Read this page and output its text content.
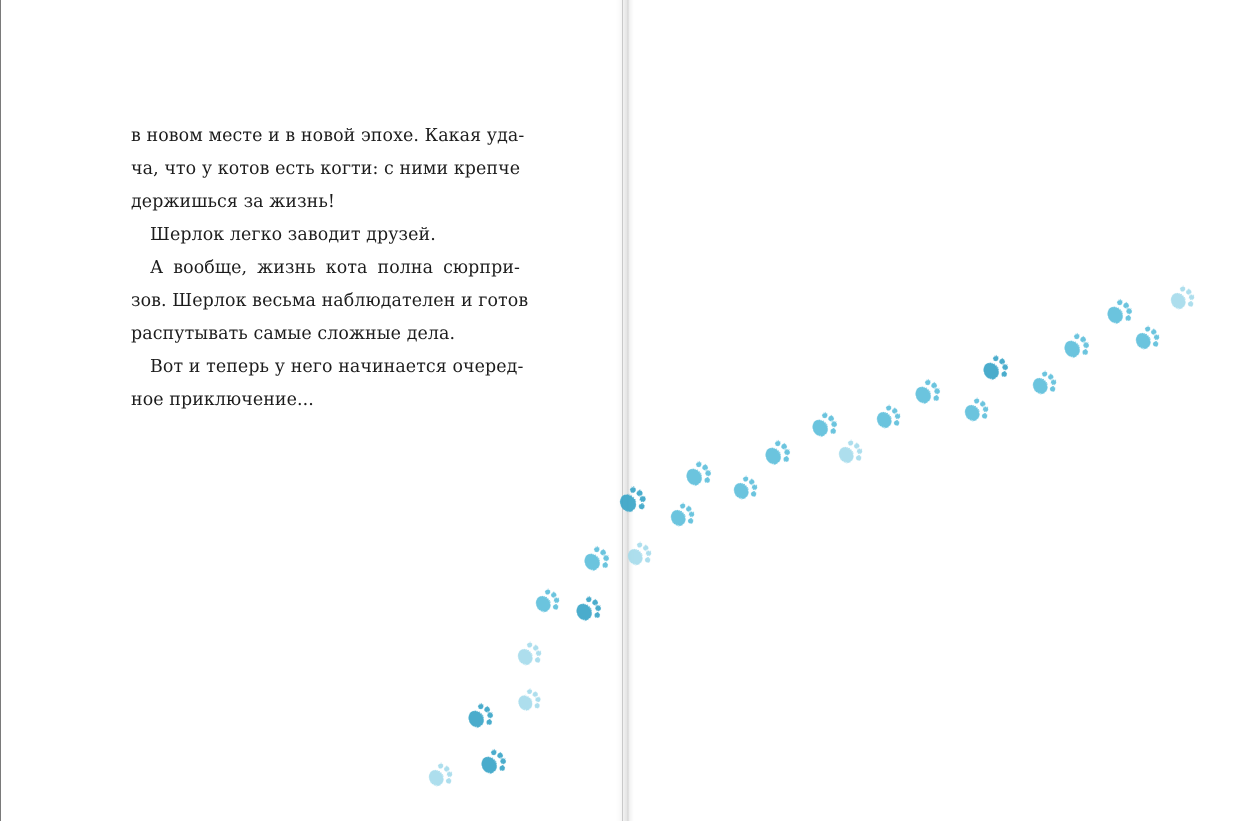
в новом месте и в новой эпохе. Какая уда-
ча, что у котов есть когти: с ними крепче
держишься за жизнь!

Шерлок легко заводит друзей.

А вообще, жизнь кота полна сюрпри-
зов. Шерлок весьма наблюдателен и готов
распутывать самые сложные дела.

Вот и теперь у него начинается очеред-
ное приключение...
